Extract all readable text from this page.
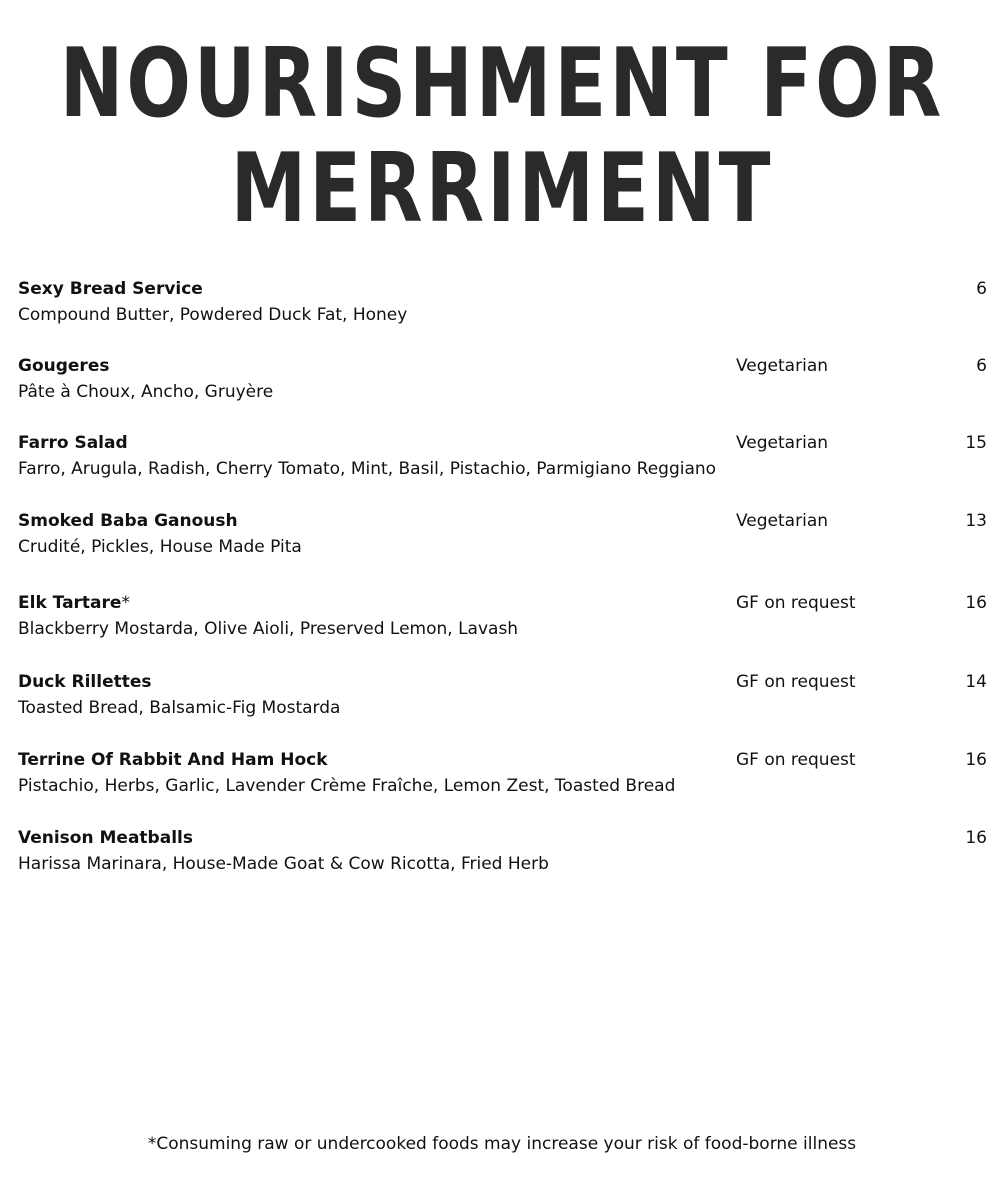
NOURISHMENT FOR
MERRIMENT
Sexy Bread Service
Compound Butter, Powdered Duck Fat, Honey
6
Gougeres
Pâte à Choux, Ancho, Gruyère
Vegetarian	6
Farro Salad
Farro, Arugula, Radish, Cherry Tomato, Mint, Basil, Pistachio, Parmigiano Reggiano
Vegetarian	15
Smoked Baba Ganoush
Crudité, Pickles, House Made Pita
Vegetarian	13
Elk Tartare*
Blackberry Mostarda, Olive Aioli, Preserved Lemon, Lavash
GF on request	16
Duck Rillettes
Toasted Bread, Balsamic-Fig Mostarda
GF on request	14
Terrine Of Rabbit And Ham Hock
Pistachio, Herbs, Garlic, Lavender Crème Fraîche, Lemon Zest, Toasted Bread
GF on request	16
Venison Meatballs
Harissa Marinara, House-Made Goat & Cow Ricotta, Fried Herb
16
*Consuming raw or undercooked foods may increase your risk of food-borne illness
